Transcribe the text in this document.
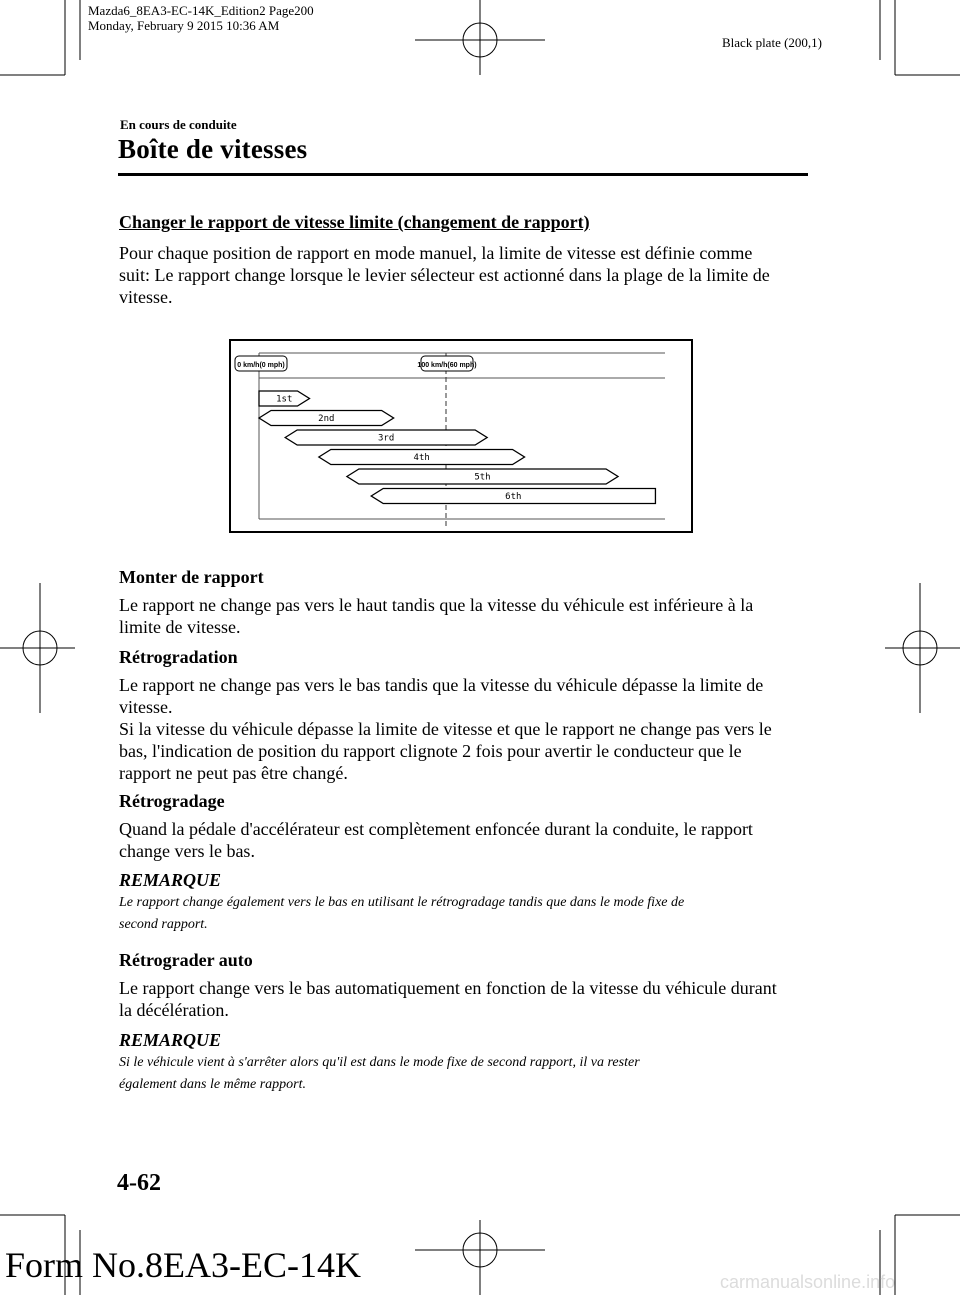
Mazda6_8EA3-EC-14K_Edition2 Page200
Monday, February 9 2015 10:36 AM
Black plate (200,1)
En cours de conduite
Boîte de vitesses
Changer le rapport de vitesse limite (changement de rapport)
Pour chaque position de rapport en mode manuel, la limite de vitesse est définie comme
suit: Le rapport change lorsque le levier sélecteur est actionné dans la plage de la limite de
vitesse.
0 km/h(0 mph)	100 km/h(60 mph)
1st
2nd
3rd
4th
5th
6th
Monter de rapport
Le rapport ne change pas vers le haut tandis que la vitesse du véhicule est inférieure à la
limite de vitesse.
Rétrogradation
Le rapport ne change pas vers le bas tandis que la vitesse du véhicule dépasse la limite de
vitesse.
Si la vitesse du véhicule dépasse la limite de vitesse et que le rapport ne change pas vers le
bas, l'indication de position du rapport clignote 2 fois pour avertir le conducteur que le
rapport ne peut pas être changé.
Rétrogradage
Quand la pédale d'accélérateur est complètement enfoncée durant la conduite, le rapport
change vers le bas.
REMARQUE
Le rapport change également vers le bas en utilisant le rétrogradage tandis que dans le mode fixe de
second rapport.
Rétrograder auto
Le rapport change vers le bas automatiquement en fonction de la vitesse du véhicule durant
la décélération.
REMARQUE
Si le véhicule vient à s'arrêter alors qu'il est dans le mode fixe de second rapport, il va rester
également dans le même rapport.
4-62
Form No.8EA3-EC-14K	carmanualsonline.info
